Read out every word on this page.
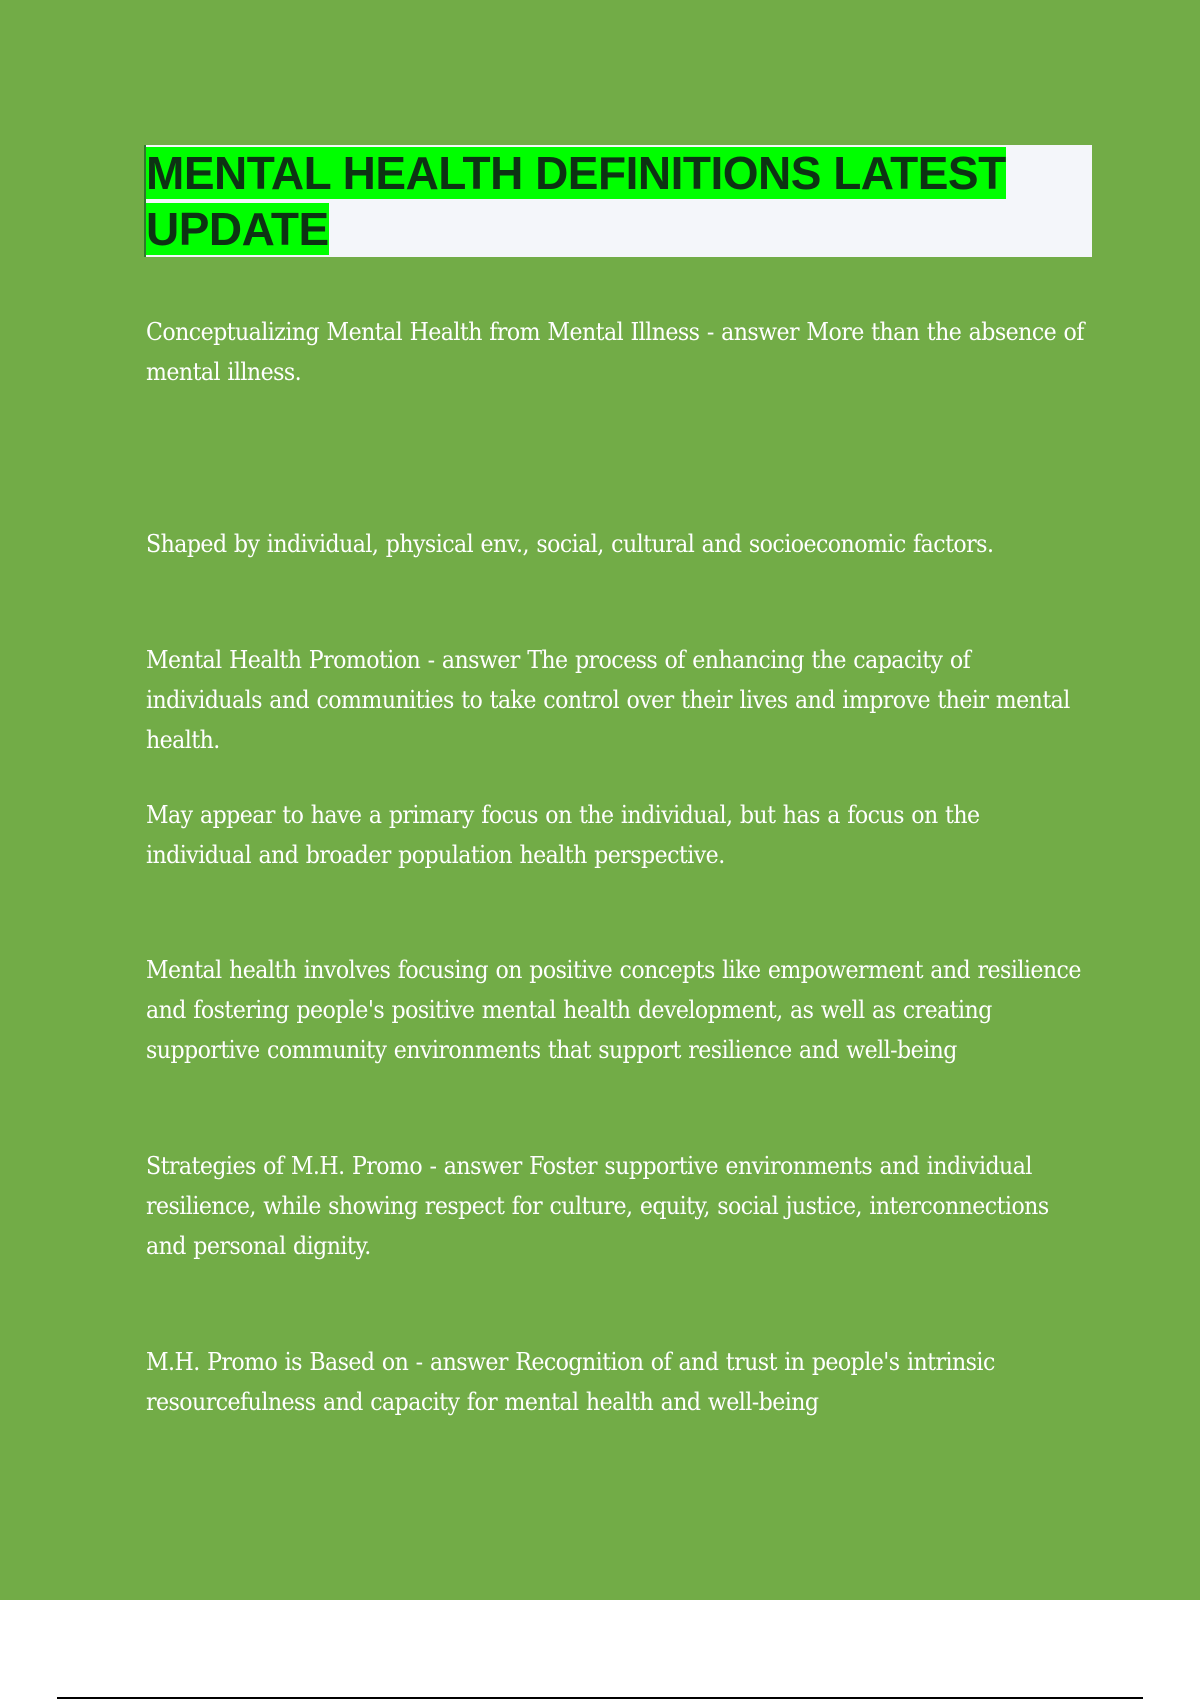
MENTAL HEALTH DEFINITIONS LATEST UPDATE

Conceptualizing Mental Health from Mental Illness - answer More than the absence of mental illness.

Shaped by individual, physical env., social, cultural and socioeconomic factors.

Mental Health Promotion - answer The process of enhancing the capacity of individuals and communities to take control over their lives and improve their mental health.

May appear to have a primary focus on the individual, but has a focus on the individual and broader population health perspective.

Mental health involves focusing on positive concepts like empowerment and resilience and fostering people's positive mental health development, as well as creating supportive community environments that support resilience and well-being

Strategies of M.H. Promo - answer Foster supportive environments and individual resilience, while showing respect for culture, equity, social justice, interconnections and personal dignity.

M.H. Promo is Based on - answer Recognition of and trust in people's intrinsic resourcefulness and capacity for mental health and well-being
